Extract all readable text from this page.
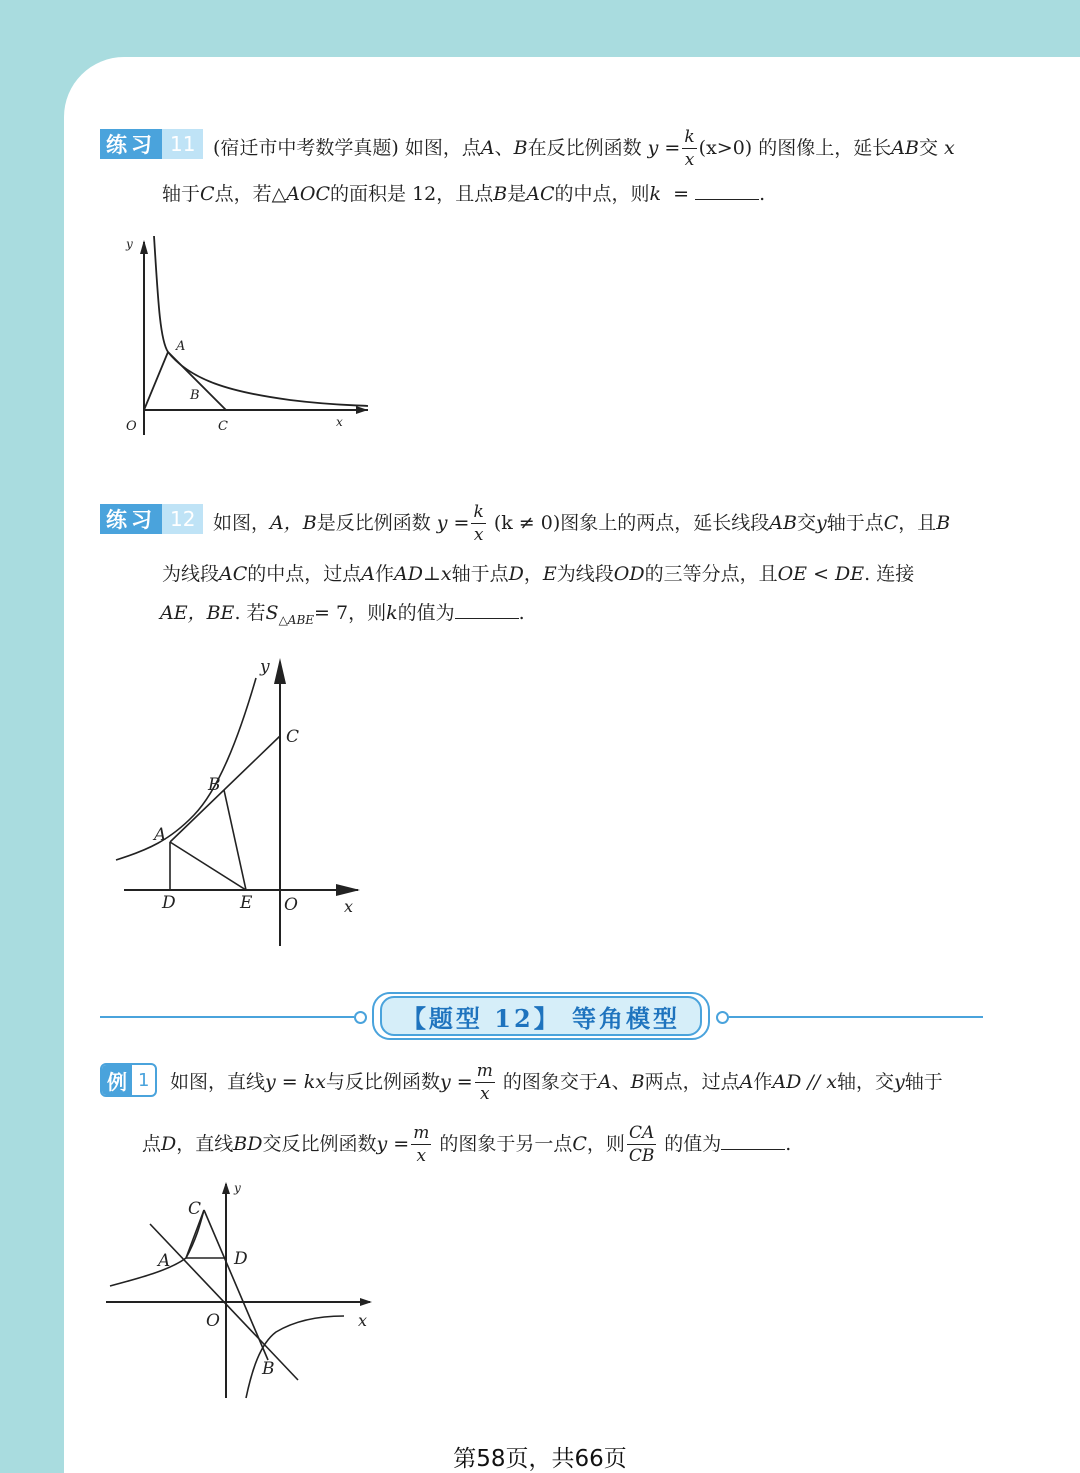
练习 11 (宿迁市中考数学真题) 如图，点A、B在反比例函数 $y = \frac{k}{x} (x>0)$ 的图像上，延长AB交 x
轴于C点，若△AOC的面积是 12，且点B是AC的中点，则k =	.
y
A
B
O	C	x
练习 12 如图，A，B是反比例函数 $y = \frac{k}{x} (k \ne 0)$图象上的两点，延长线段AB交y轴于点C，且B
为线段AC的中点，过点A作AD⊥x轴于点D，E为线段OD的三等分点，且OE < DE. 连接
AE，BE. 若$S_{\triangle ABE}= 7$，则k的值为	.
y
C
B
A
D	E O	x
【题型 12】 等角模型
例 1	如图，直线y = kx与反比例函数$y = \frac{m}{x}$ 的图象交于A、B两点，过点A作AD // x轴，交y轴于
点D，直线BD交反比例函数$y = \frac{m}{x}$ 的图象于另一点C，则 $\frac{CA}{CB}$ 的值为	.
y
C
A	D
O	x
B
第58页，共66页
